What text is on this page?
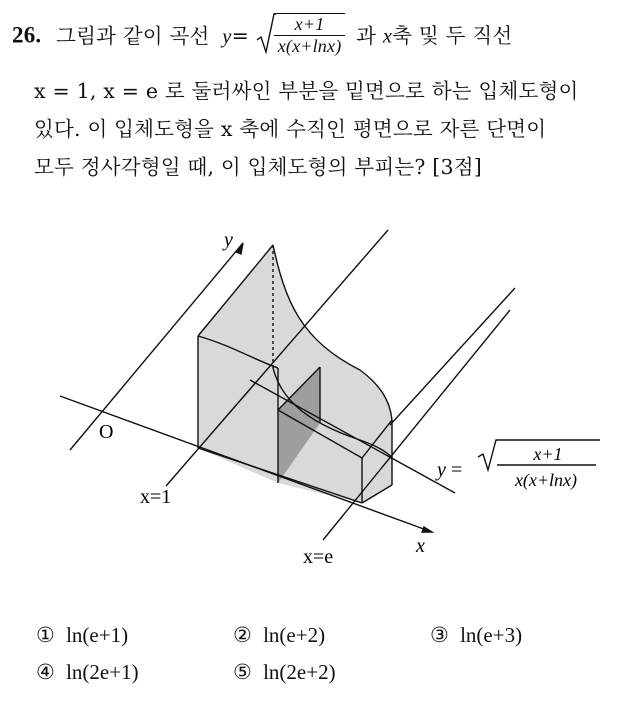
26. 그림과 같이 곡선 $y= \frac{x+1}{x(x+\ln x)}$ 과 x축 및 두 직선
x = 1, x = e 로 둘러싸인 부분을 밑면으로 하는 입체도형이
있다. 이 입체도형을 x 축에 수직인 평면으로 자른 단면이
모두 정사각형일 때, 이 입체도형의 부피는? [3점]
y
O
x
x=1
x=e
y =
x+1
x(x+lnx)
① ln(e+1)	② ln(e+2)	③ ln(e+3)
④ ln(2e+1)	⑤ ln(2e+2)
